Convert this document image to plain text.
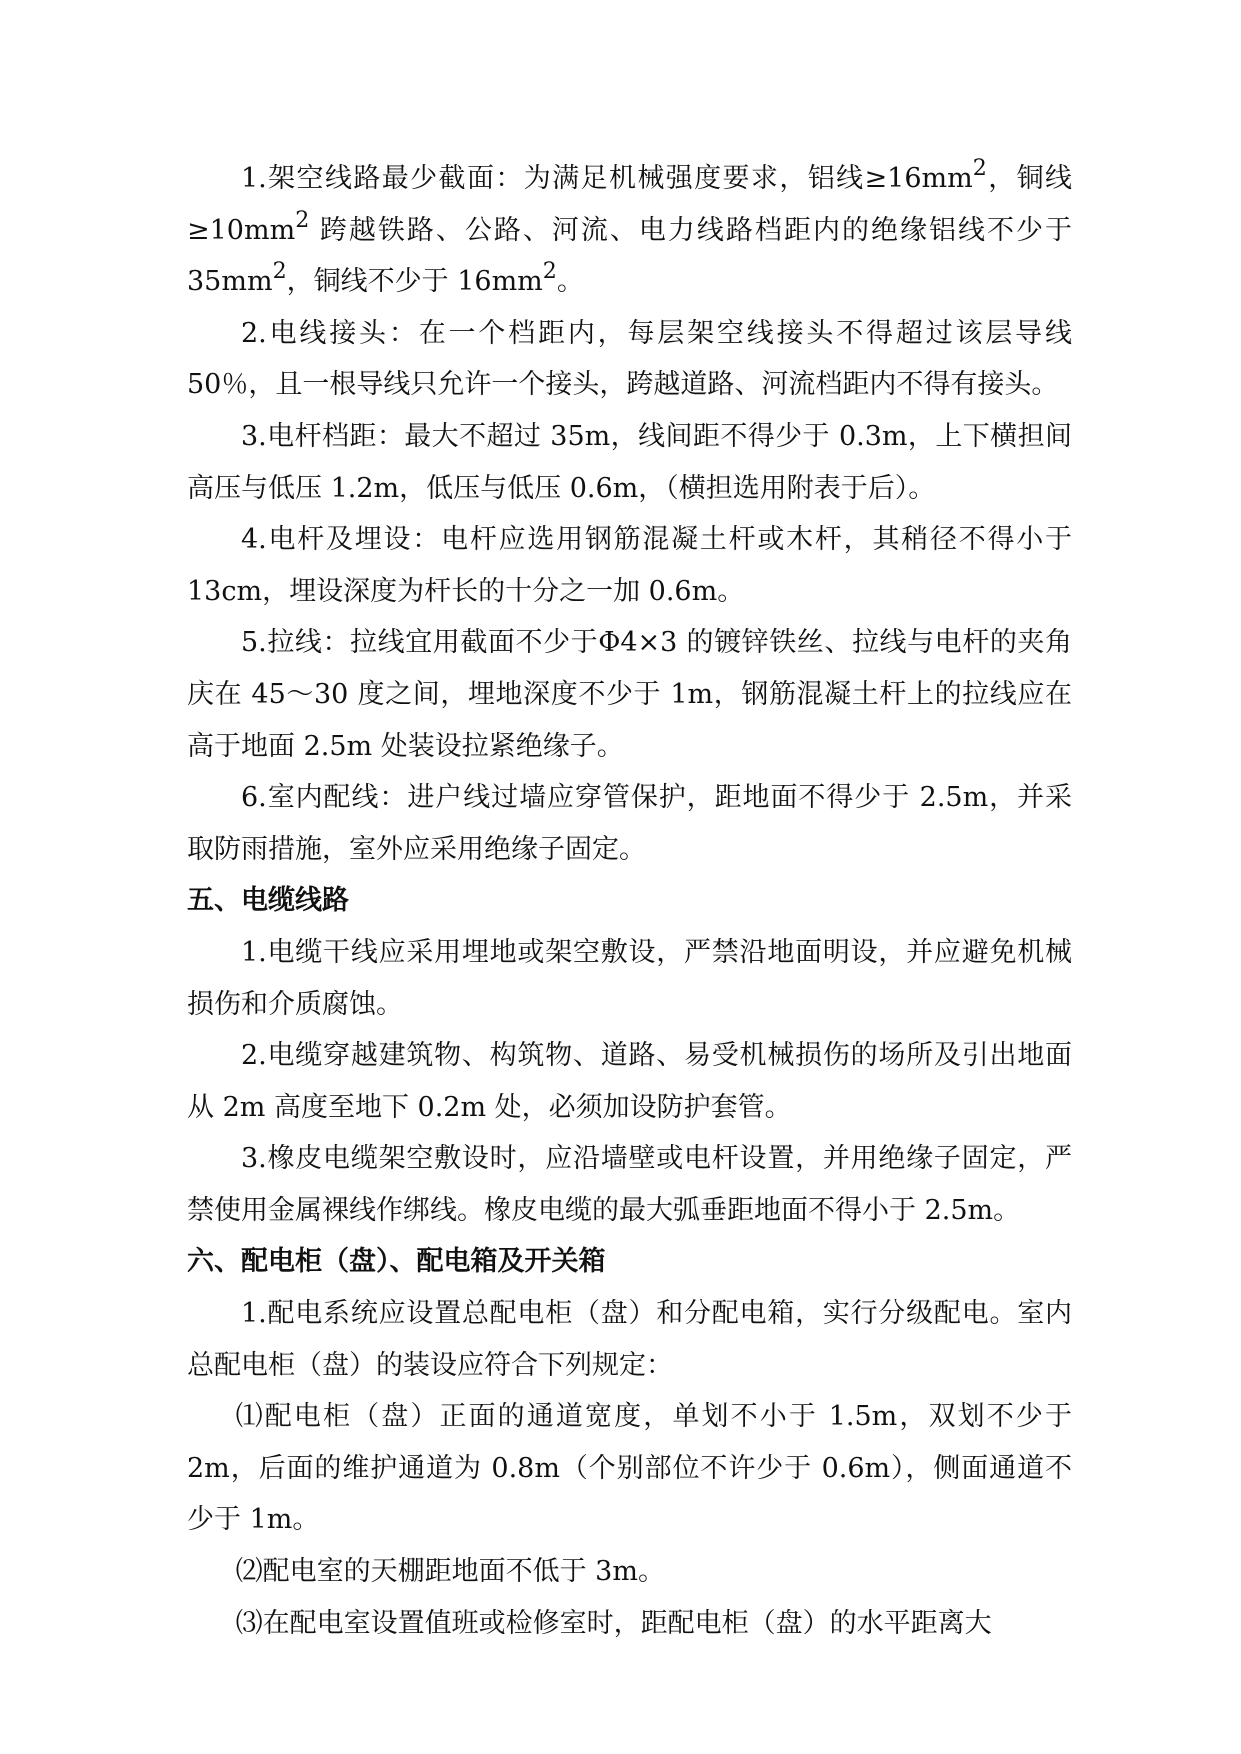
1.架空线路最少截面：为满足机械强度要求，铝线$\ge 16mm^2$，铜线$\ge 10mm^2$ 跨越铁路、公路、河流、电力线路档距内的绝缘铝线不少于 $35mm^2$，铜线不少于 $16mm^2$。

2.电线接头：在一个档距内，每层架空线接头不得超过该层导线 50％，且一根导线只允许一个接头，跨越道路、河流档距内不得有接头。

3.电杆档距：最大不超过 35m，线间距不得少于 0.3m，上下横担间高压与低压 1.2m，低压与低压 0.6m，（横担选用附表于后）。

4.电杆及埋设：电杆应选用钢筋混凝土杆或木杆，其稍径不得小于 13cm，埋设深度为杆长的十分之一加 0.6m。

5.拉线：拉线宜用截面不少于Φ4×3 的镀锌铁丝、拉线与电杆的夹角庆在 45～30 度之间，埋地深度不少于 1m，钢筋混凝土杆上的拉线应在高于地面 2.5m 处装设拉紧绝缘子。

6.室内配线：进户线过墙应穿管保护，距地面不得少于 2.5m，并采取防雨措施，室外应采用绝缘子固定。

五、电缆线路

1.电缆干线应采用埋地或架空敷设，严禁沿地面明设，并应避免机械损伤和介质腐蚀。

2.电缆穿越建筑物、构筑物、道路、易受机械损伤的场所及引出地面从 2m 高度至地下 0.2m 处，必须加设防护套管。

3.橡皮电缆架空敷设时，应沿墙壁或电杆设置，并用绝缘子固定，严禁使用金属裸线作绑线。橡皮电缆的最大弧垂距地面不得小于 2.5m。

六、配电柜（盘）、配电箱及开关箱

1.配电系统应设置总配电柜（盘）和分配电箱，实行分级配电。室内总配电柜（盘）的装设应符合下列规定：

⑴配电柜（盘）正面的通道宽度，单划不小于 1.5m，双划不少于 2m，后面的维护通道为 0.8m（个别部位不许少于 0.6m），侧面通道不少于 1m。

⑵配电室的天棚距地面不低于 3m。

⑶在配电室设置值班或检修室时，距配电柜（盘）的水平距离大
